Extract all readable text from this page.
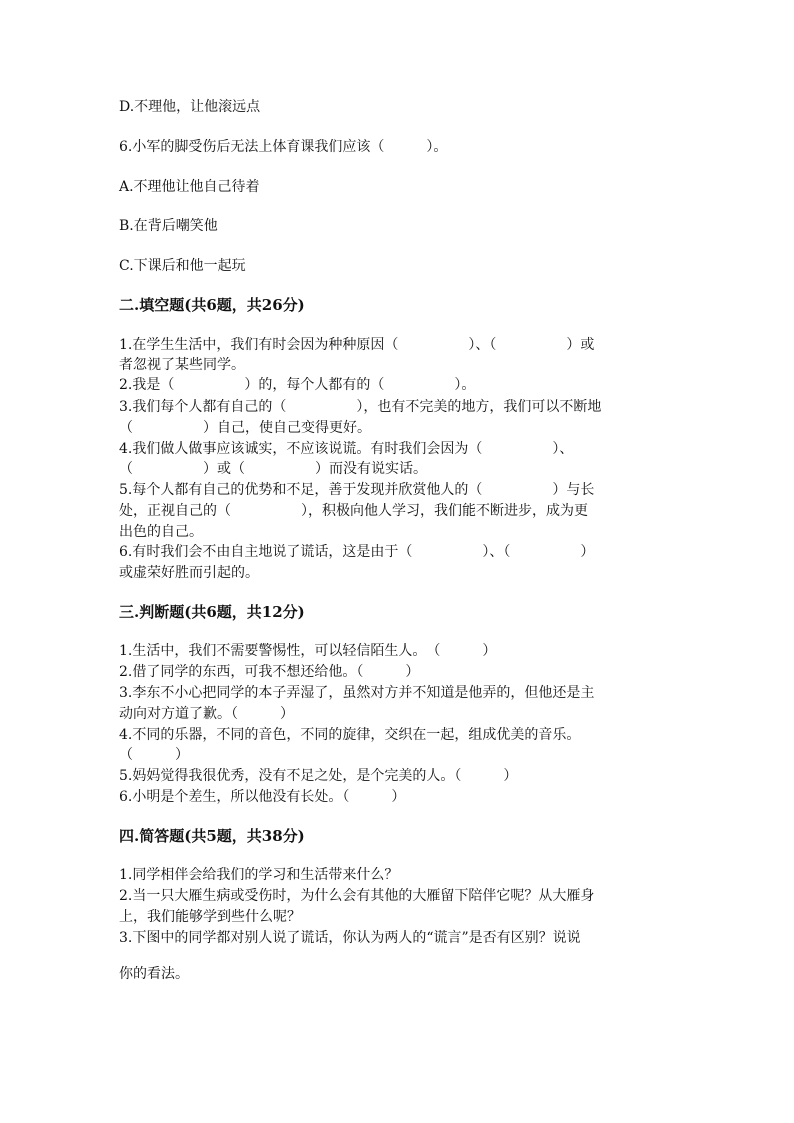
D.不理他，让他滚远点
6.小军的脚受伤后无法上体育课我们应该（　　　）。
A.不理他让他自己待着
B.在背后嘲笑他
C.下课后和他一起玩
二.填空题(共6题，共26分)
1.在学生生活中，我们有时会因为种种原因（　　　　　）、（　　　　　）或
者忽视了某些同学。
2.我是（　　　　　）的，每个人都有的（　　　　　）。
3.我们每个人都有自己的（　　　　　），也有不完美的地方，我们可以不断地
（　　　　　）自己，使自己变得更好。
4.我们做人做事应该诚实，不应该说谎。有时我们会因为（　　　　　）、
（　　　　　）或（　　　　　）而没有说实话。
5.每个人都有自己的优势和不足，善于发现并欣赏他人的（　　　　　）与长
处，正视自己的（　　　　　），积极向他人学习，我们能不断进步，成为更
出色的自己。
6.有时我们会不由自主地说了谎话，这是由于（　　　　　）、（　　　　　）
或虚荣好胜而引起的。
三.判断题(共6题，共12分)
1.生活中，我们不需要警惕性，可以轻信陌生人。　（　　　）
2.借了同学的东西，可我不想还给他。（　　　）
3.李东不小心把同学的本子弄湿了，虽然对方并不知道是他弄的，但他还是主
动向对方道了歉。（　　　）
4.不同的乐器，不同的音色，不同的旋律，交织在一起，组成优美的音乐。
（　　　）
5.妈妈觉得我很优秀，没有不足之处，是个完美的人。（　　　）
6.小明是个差生，所以他没有长处。（　　　）
四.简答题(共5题，共38分)
1.同学相伴会给我们的学习和生活带来什么？
2.当一只大雁生病或受伤时，为什么会有其他的大雁留下陪伴它呢？从大雁身
上，我们能够学到些什么呢？
3.下图中的同学都对别人说了谎话，你认为两人的“谎言”是否有区别？说说
你的看法。
